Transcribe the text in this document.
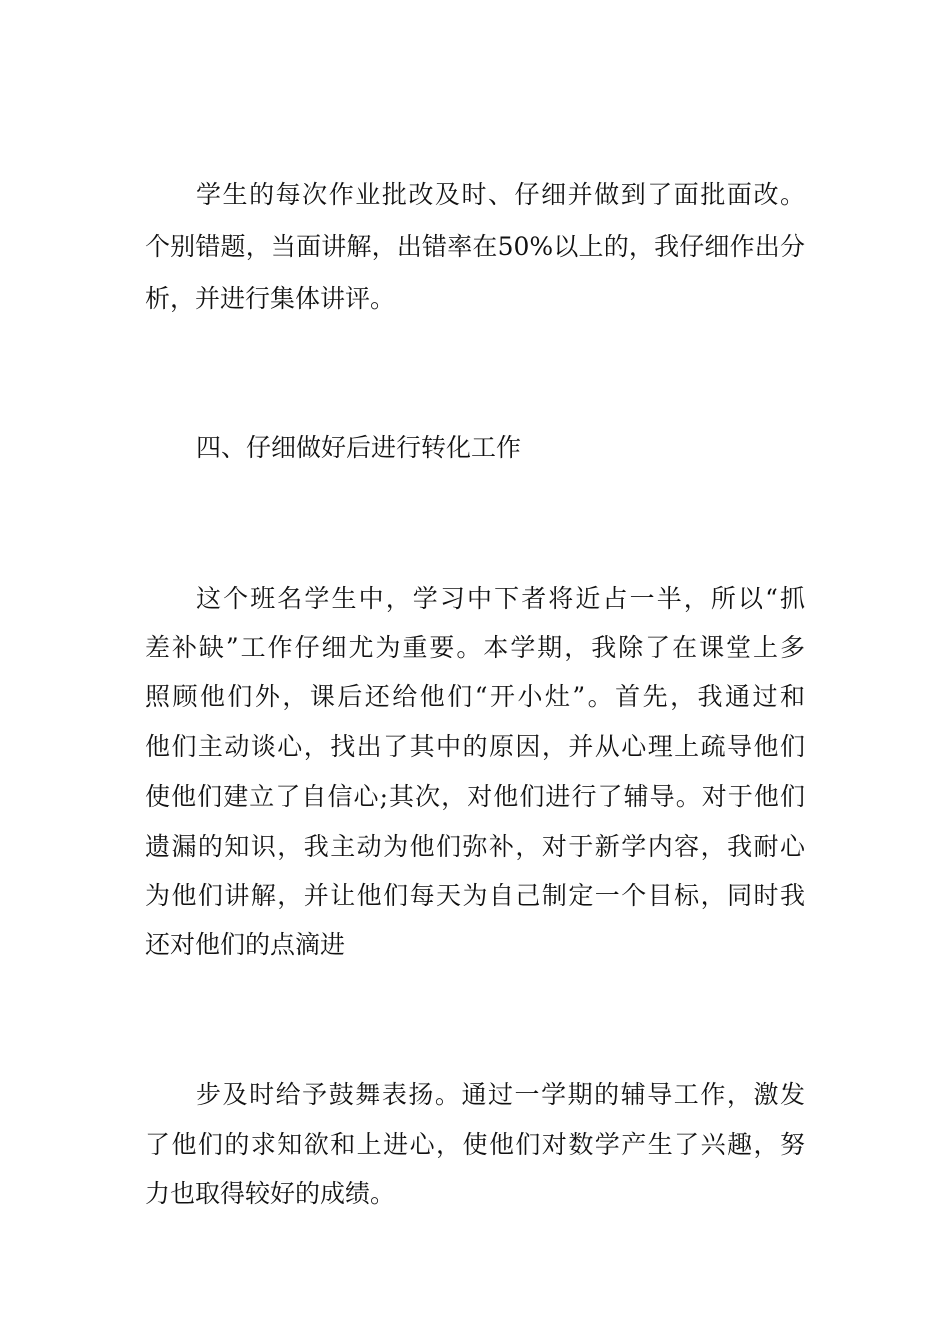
学生的每次作业批改及时、仔细并做到了面批面改。
个别错题，当面讲解，出错率在50%以上的，我仔细作出分
析，并进行集体讲评。
四、仔细做好后进行转化工作
这个班名学生中，学习中下者将近占一半，所以“抓
差补缺”工作仔细尤为重要。本学期，我除了在课堂上多
照顾他们外，课后还给他们“开小灶”。首先，我通过和
他们主动谈心，找出了其中的原因，并从心理上疏导他们
使他们建立了自信心;其次，对他们进行了辅导。对于他们
遗漏的知识，我主动为他们弥补，对于新学内容，我耐心
为他们讲解，并让他们每天为自己制定一个目标，同时我
还对他们的点滴进
步及时给予鼓舞表扬。通过一学期的辅导工作，激发
了他们的求知欲和上进心，使他们对数学产生了兴趣，努
力也取得较好的成绩。
